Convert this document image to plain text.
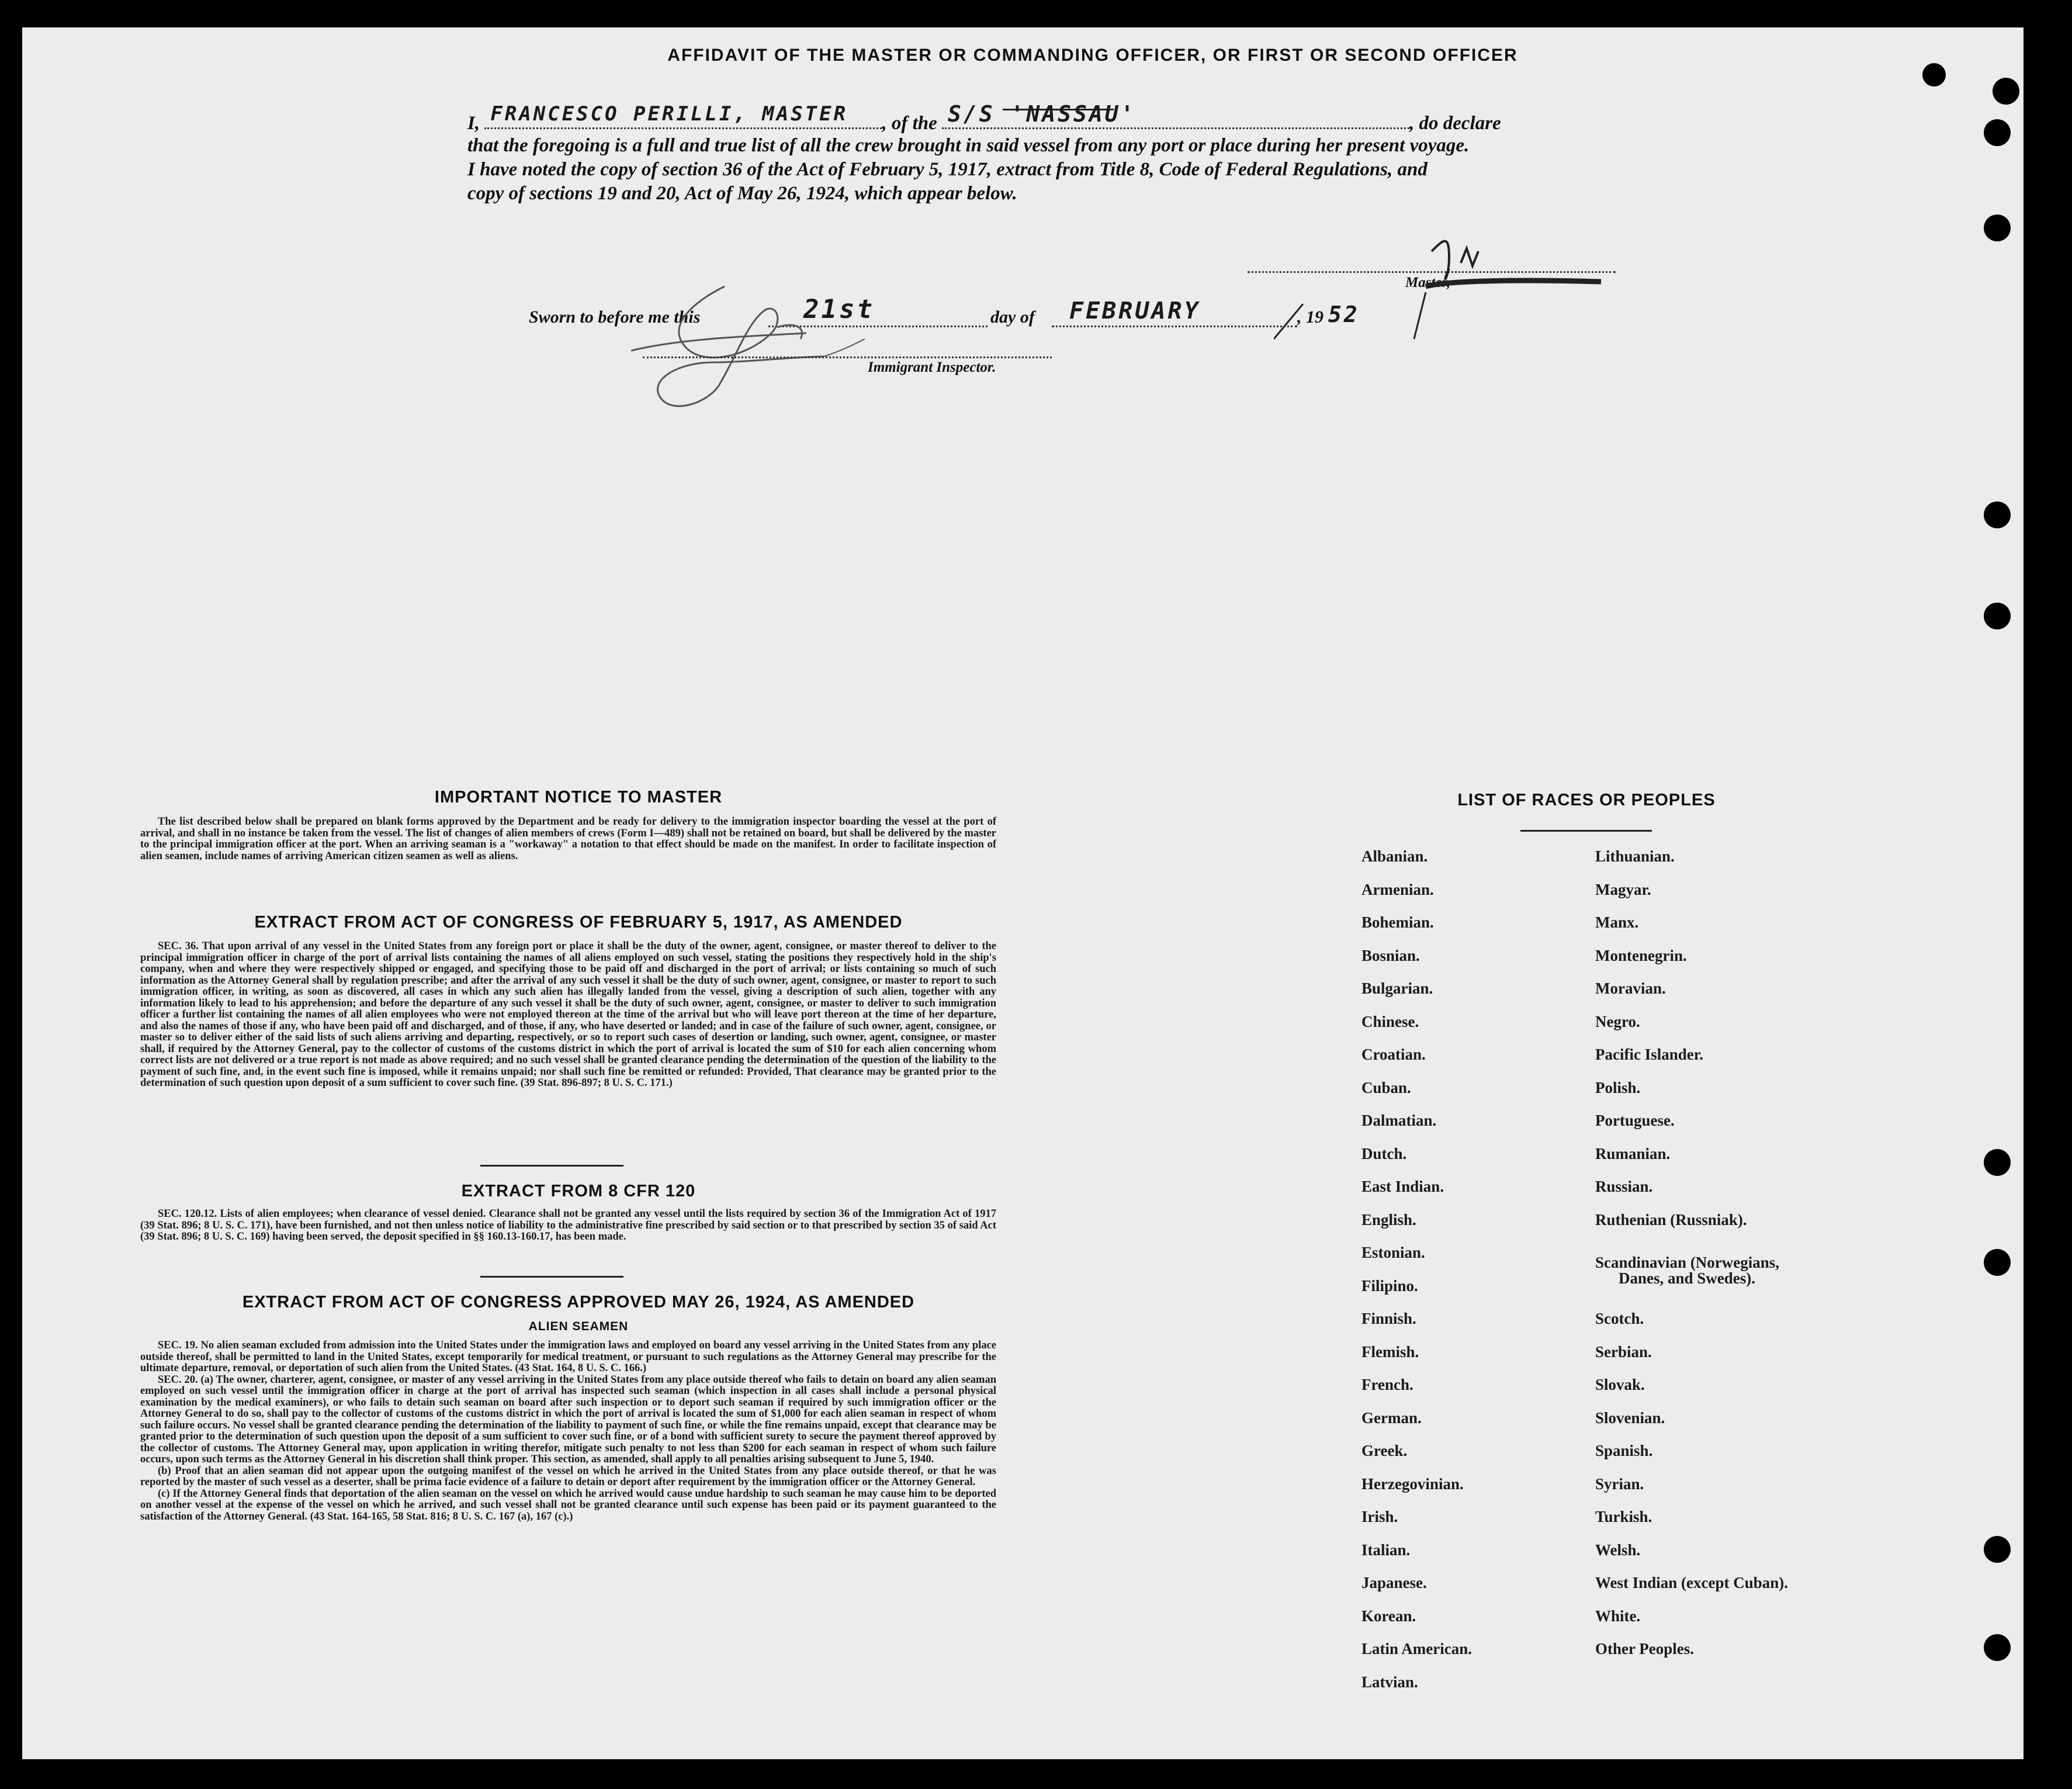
AFFIDAVIT OF THE MASTER OR COMMANDING OFFICER, OR FIRST OR SECOND OFFICER
I, FRANCESCO PERILLI, MASTER , of the S/S 'NASSAU'	, do declare
that the foregoing is a full and true list of all the crew brought in said vessel from any port or place during her present voyage.
I have noted the copy of section 36 of the Act of February 5, 1917, extract from Title 8, Code of Federal Regulations, and
copy of sections 19 and 20, Act of May 26, 1924, which appear below.
Master,
Sworn to before me this	21st	day of FEBRUARY	, 19 52
Immigrant Inspector.
IMPORTANT NOTICE TO MASTER

The list described below shall be prepared on blank forms approved by the Department and be ready for delivery to the immigration inspector boarding the vessel at the port of arrival, and shall in no instance be taken from the vessel. The list of changes of alien members of crews (Form I—489) shall not be retained on board, but shall be delivered by the master to the principal immigration officer at the port. When an arriving seaman is a "workaway" a notation to that effect should be made on the manifest. In order to facilitate inspection of alien seamen, include names of arriving American citizen seamen as well as aliens.

EXTRACT FROM ACT OF CONGRESS OF FEBRUARY 5, 1917, AS AMENDED

SEC. 36. That upon arrival of any vessel in the United States from any foreign port or place it shall be the duty of the owner, agent, consignee, or master thereof to deliver to the principal immigration officer in charge of the port of arrival lists containing the names of all aliens employed on such vessel, stating the positions they respectively hold in the ship's company, when and where they were respectively shipped or engaged, and specifying those to be paid off and discharged in the port of arrival; or lists containing so much of such information as the Attorney General shall by regulation prescribe; and after the arrival of any such vessel it shall be the duty of such owner, agent, consignee, or master to report to such immigration officer, in writing, as soon as discovered, all cases in which any such alien has illegally landed from the vessel, giving a description of such alien, together with any information likely to lead to his apprehension; and before the departure of any such vessel it shall be the duty of such owner, agent, consignee, or master to deliver to such immigration officer a further list containing the names of all alien employees who were not employed thereon at the time of the arrival but who will leave port thereon at the time of her departure, and also the names of those if any, who have been paid off and discharged, and of those, if any, who have deserted or landed; and in case of the failure of such owner, agent, consignee, or master so to deliver either of the said lists of such aliens arriving and departing, respectively, or so to report such cases of desertion or landing, such owner, agent, consignee, or master shall, if required by the Attorney General, pay to the collector of customs of the customs district in which the port of arrival is located the sum of $10 for each alien concerning whom correct lists are not delivered or a true report is not made as above required; and no such vessel shall be granted clearance pending the determination of the question of the liability to the payment of such fine, and, in the event such fine is imposed, while it remains unpaid; nor shall such fine be remitted or refunded: Provided, That clearance may be granted prior to the determination of such question upon deposit of a sum sufficient to cover such fine. (39 Stat. 896-897; 8 U. S. C. 171.)

EXTRACT FROM 8 CFR 120

SEC. 120.12. Lists of alien employees; when clearance of vessel denied. Clearance shall not be granted any vessel until the lists required by section 36 of the Immigration Act of 1917 (39 Stat. 896; 8 U. S. C. 171), have been furnished, and not then unless notice of liability to the administrative fine prescribed by said section or to that prescribed by section 35 of said Act (39 Stat. 896; 8 U. S. C. 169) having been served, the deposit specified in §§ 160.13-160.17, has been made.

EXTRACT FROM ACT OF CONGRESS APPROVED MAY 26, 1924, AS AMENDED
ALIEN SEAMEN

SEC. 19. No alien seaman excluded from admission into the United States under the immigration laws and employed on board any vessel arriving in the United States from any place outside thereof, shall be permitted to land in the United States, except temporarily for medical treatment, or pursuant to such regulations as the Attorney General may prescribe for the ultimate departure, removal, or deportation of such alien from the United States. (43 Stat. 164, 8 U. S. C. 166.)

SEC. 20. (a) The owner, charterer, agent, consignee, or master of any vessel arriving in the United States from any place outside thereof who fails to detain on board any alien seaman employed on such vessel until the immigration officer in charge at the port of arrival has inspected such seaman (which inspection in all cases shall include a personal physical examination by the medical examiners), or who fails to detain such seaman on board after such inspection or to deport such seaman if required by such immigration officer or the Attorney General to do so, shall pay to the collector of customs of the customs district in which the port of arrival is located the sum of $1,000 for each alien seaman in respect of whom such failure occurs. No vessel shall be granted clearance pending the determination of the liability to payment of such fine, or while the fine remains unpaid, except that clearance may be granted prior to the determination of such question upon the deposit of a sum sufficient to cover such fine, or of a bond with sufficient surety to secure the payment thereof approved by the collector of customs. The Attorney General may, upon application in writing therefor, mitigate such penalty to not less than $200 for each seaman in respect of whom such failure occurs, upon such terms as the Attorney General in his discretion shall think proper. This section, as amended, shall apply to all penalties arising subsequent to June 5, 1940.

(b) Proof that an alien seaman did not appear upon the outgoing manifest of the vessel on which he arrived in the United States from any place outside thereof, or that he was reported by the master of such vessel as a deserter, shall be prima facie evidence of a failure to detain or deport after requirement by the immigration officer or the Attorney General.

(c) If the Attorney General finds that deportation of the alien seaman on the vessel on which he arrived would cause undue hardship to such seaman he may cause him to be deported on another vessel at the expense of the vessel on which he arrived, and such vessel shall not be granted clearance until such expense has been paid or its payment guaranteed to the satisfaction of the Attorney General. (43 Stat. 164-165, 58 Stat. 816; 8 U. S. C. 167 (a), 167 (c).)

LIST OF RACES OR PEOPLES
Albanian.
Armenian.
Bohemian.
Bosnian.
Bulgarian.
Chinese.
Croatian.
Cuban.
Dalmatian.
Dutch.
East Indian.
English.
Estonian.
Filipino.
Finnish.
Flemish.
French.
German.
Greek.
Herzegovinian.
Irish.
Italian.
Japanese.
Korean.
Latin American.
Latvian.
Lithuanian.
Magyar.
Manx.
Montenegrin.
Moravian.
Negro.
Pacific Islander.
Polish.
Portuguese.
Rumanian.
Russian.
Ruthenian (Russniak).
Scandinavian (Norwegians,
Danes, and Swedes).
Scotch.
Serbian.
Slovak.
Slovenian.
Spanish.
Syrian.
Turkish.
Welsh.
West Indian (except Cuban).
White.
Other Peoples.
